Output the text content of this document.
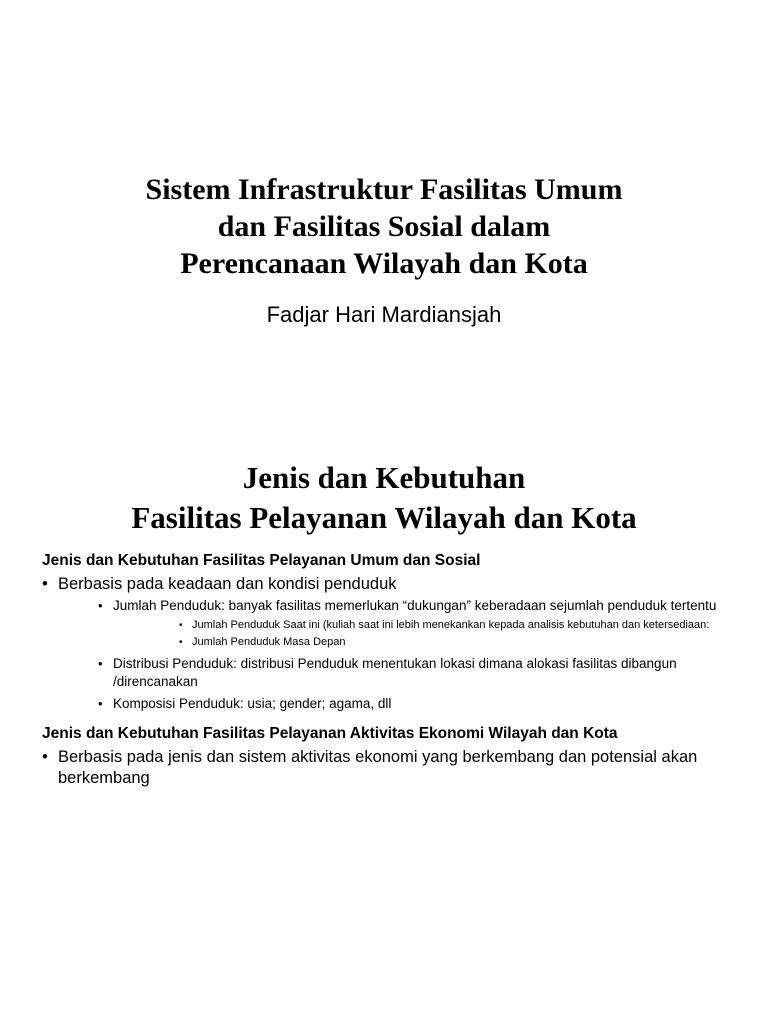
Sistem Infrastruktur Fasilitas Umum
dan Fasilitas Sosial dalam
Perencanaan Wilayah dan Kota
Fadjar Hari Mardiansjah
Jenis dan Kebutuhan
Fasilitas Pelayanan Wilayah dan Kota

Jenis dan Kebutuhan Fasilitas Pelayanan Umum dan Sosial

• Berbasis pada keadaan dan kondisi penduduk
• Jumlah Penduduk: banyak fasilitas memerlukan “dukungan” keberadaan sejumlah penduduk tertentu
• Jumlah Penduduk Saat ini (kuliah saat ini lebih menekankan kepada analisis kebutuhan dan ketersediaan:
• Jumlah Penduduk Masa Depan
• Distribusi Penduduk: distribusi Penduduk menentukan lokasi dimana alokasi fasilitas dibangun /direncanakan
• Komposisi Penduduk: usia; gender; agama, dll

Jenis dan Kebutuhan Fasilitas Pelayanan Aktivitas Ekonomi Wilayah dan Kota

• Berbasis pada jenis dan sistem aktivitas ekonomi yang berkembang dan potensial akan berkembang
